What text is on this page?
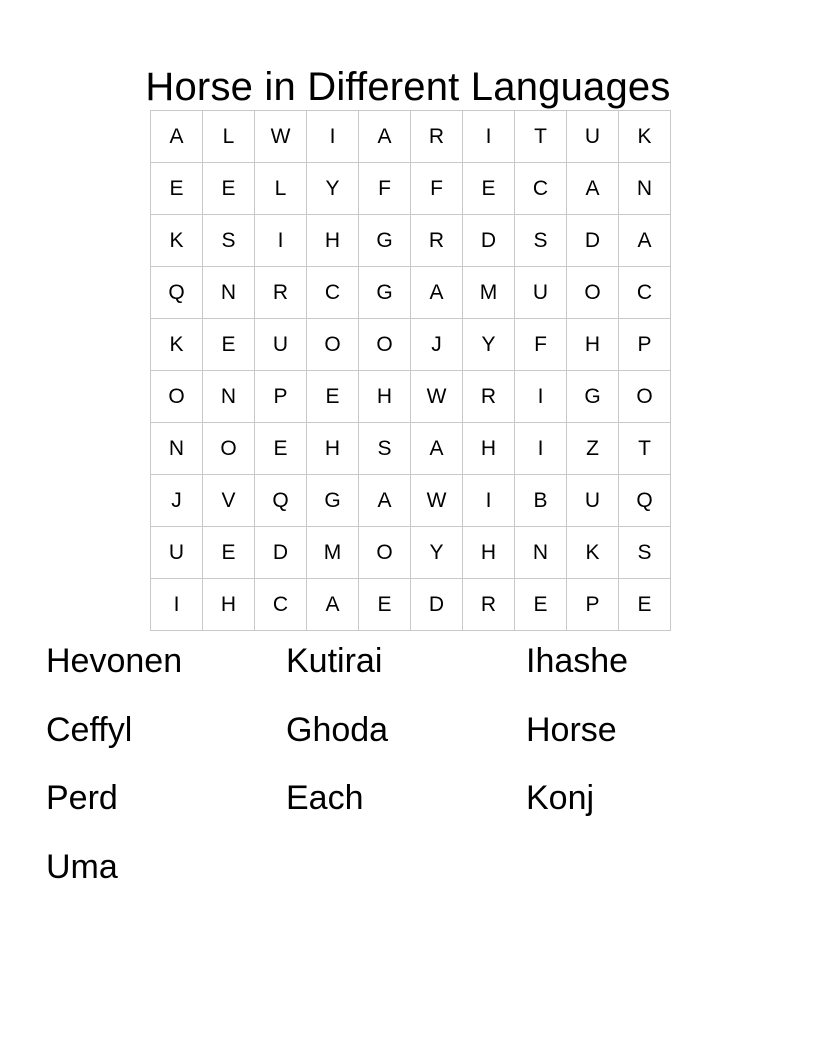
Horse in Different Languages
A	L	W	I	A	R	I	T	U	K
E	E	L	Y	F	F	E	C	A	N
K	S	I	H	G	R	D	S	D	A
Q	N	R	C	G	A	M	U	O	C
K	E	U	O	O	J	Y	F	H	P
O	N	P	E	H	W	R	I	G	O
N	O	E	H	S	A	H	I	Z	T
J	V	Q	G	A	W	I	B	U	Q
U	E	D	M	O	Y	H	N	K	S
I	H	C	A	E	D	R	E	P	E
Hevonen	Kutirai	Ihashe
Ceffyl	Ghoda	Horse
Perd	Each	Konj
Uma
